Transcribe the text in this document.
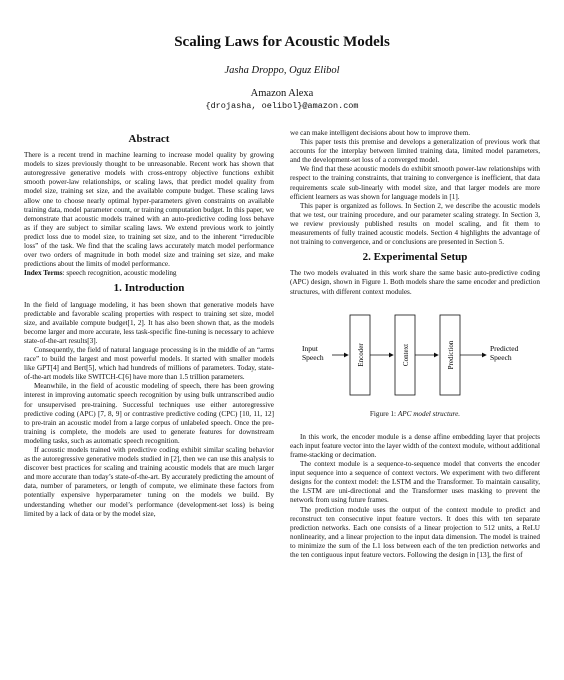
Scaling Laws for Acoustic Models
Jasha Droppo, Oguz Elibol
Amazon Alexa
{drojasha, oelibol}@amazon.com
Abstract

There is a recent trend in machine learning to increase model quality by growing models to sizes previously thought to be unreasonable. Recent work has shown that autoregressive generative models with cross-entropy objective functions exhibit smooth power-law relationships, or scaling laws, that predict model quality from model size, training set size, and the available compute budget. These scaling laws allow one to choose nearly optimal hyper-parameters given constraints on available training data, model parameter count, or training computation budget. In this paper, we demonstrate that acoustic models trained with an auto-predictive coding loss behave as if they are subject to similar scaling laws. We extend previous work to jointly predict loss due to model size, to training set size, and to the inherent “irreducible loss” of the task. We find that the scaling laws accurately match model performance over two orders of magnitude in both model size and training set size, and make predictions about the limits of model performance.

Index Terms: speech recognition, acoustic modeling

1. Introduction

In the field of language modeling, it has been shown that generative models have predictable and favorable scaling properties with respect to training set size, model size, and available compute budget[1, 2]. It has also been shown that, as the models become larger and more accurate, less task-specific fine-tuning is necessary to achieve state-of-the-art results[3].

Consequently, the field of natural language processing is in the middle of an “arms race” to build the largest and most powerful models. It started with smaller models like GPT[4] and Bert[5], which had hundreds of millions of parameters. Today, state-of-the-art models like SWITCH-C[6] have more than 1.5 trillion parameters.

Meanwhile, in the field of acoustic modeling of speech, there has been growing interest in improving automatic speech recognition by using bulk untranscribed audio for unsupervised pre-training. Successful techniques use either autoregressive predictive coding (APC) [7, 8, 9] or contrastive predictive coding (CPC) [10, 11, 12] to pre-train an acoustic model from a large corpus of unlabeled speech. Once the pre-training is complete, the models are used to generate features for downstream modeling tasks, such as automatic speech recognition.

If acoustic models trained with predictive coding exhibit similar scaling behavior as the autoregressive generative models studied in [2], then we can use this analysis to discover best practices for scaling and training acoustic models that are much larger and more accurate than today’s state-of-the-art. By accurately predicting the amount of data, number of parameters, or length of compute, we eliminate these factors from potentially expensive hyperparameter tuning on the models we build. By understanding whether our model’s performance (development-set loss) is being limited by a lack of data or by the model size,

we can make intelligent decisions about how to improve them.

This paper tests this premise and develops a generalization of previous work that accounts for the interplay between limited training data, limited model parameters, and the development-set loss of a converged model.

We find that these acoustic models do exhibit smooth power-law relationships with respect to the training constraints, that training to convergence is inefficient, that data requirements scale sub-linearly with model size, and that larger models are more efficient learners as was shown for language models in [1].

This paper is organized as follows. In Section 2, we describe the acoustic models that we test, our training procedure, and our parameter scaling strategy. In Section 3, we review previously published results on model scaling, and fit them to measurements of fully trained acoustic models. Section 4 highlights the advantage of not training to convergence, and or conclusions are presented in Section 5.

2. Experimental Setup

The two models evaluated in this work share the same basic auto-predictive coding (APC) design, shown in Figure 1. Both models share the same encoder and prediction structures, with different context modules.

Input
Speech	Encoder	Context	Prediction	Predicted
Speech
Figure 1: APC model structure.

In this work, the encoder module is a dense affine embedding layer that projects each input feature vector into the layer width of the context module, without additional frame-stacking or decimation.

The context module is a sequence-to-sequence model that converts the encoder input sequence into a sequence of context vectors. We experiment with two different designs for the context model: the LSTM and the Transformer. To maintain causality, the LSTM are uni-directional and the Transformer uses masking to prevent the network from using future frames.

The prediction module uses the output of the context module to predict and reconstruct ten consecutive input feature vectors. It does this with ten separate prediction networks. Each one consists of a linear projection to 512 units, a ReLU nonlinearity, and a linear projection to the input data dimension. The model is trained to minimize the sum of the L1 loss between each of the ten prediction networks and the ten contiguous input feature vectors. Following the design in [13], the first of
